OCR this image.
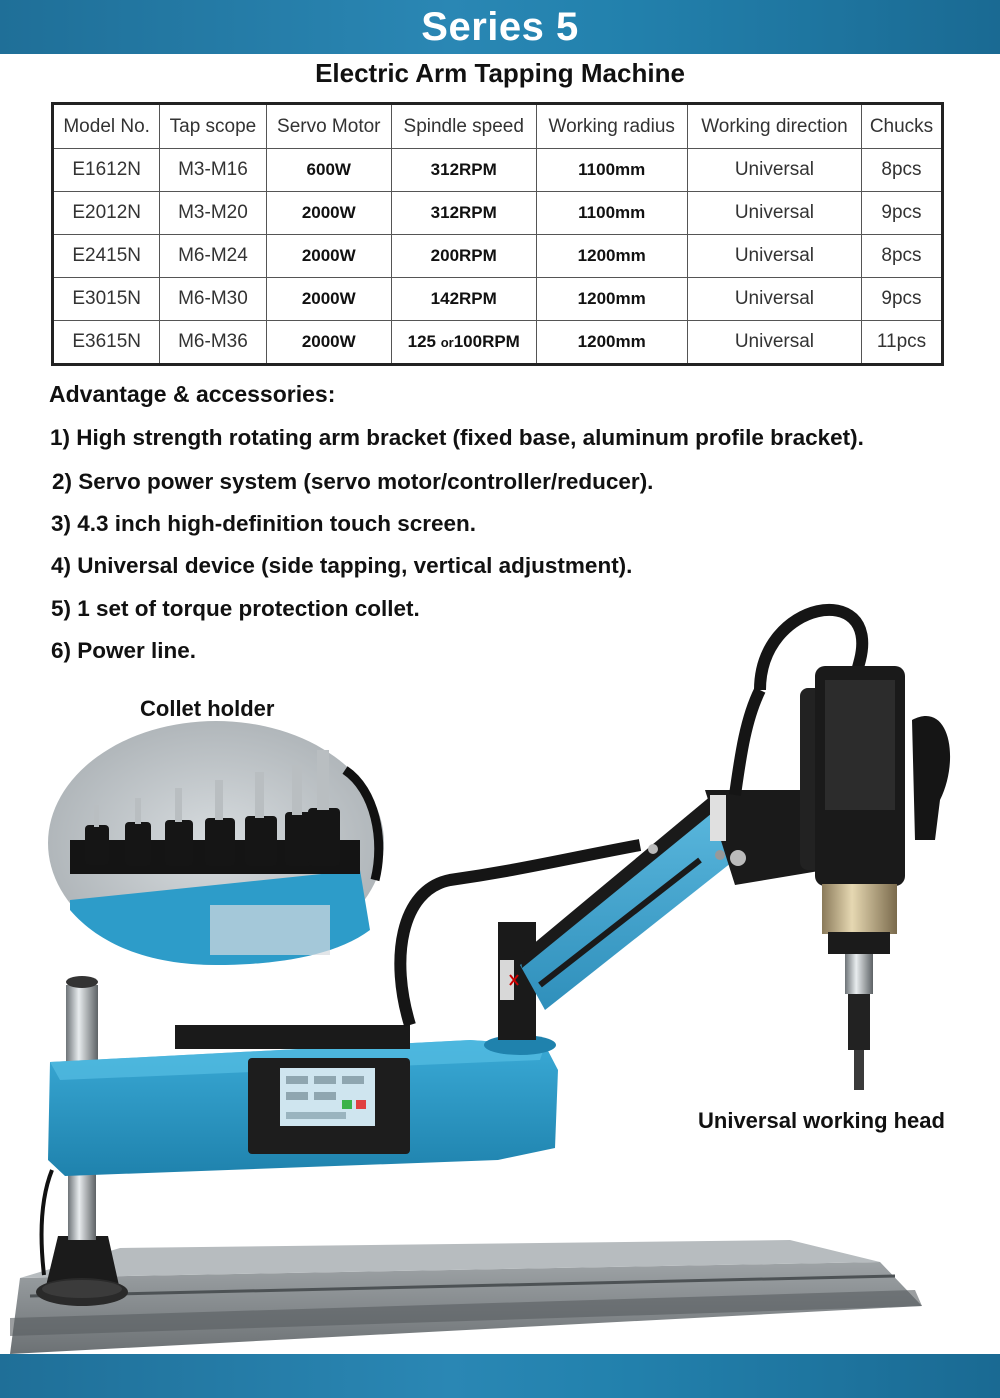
Series 5
Electric Arm Tapping Machine
Model No.	Tap scope	Servo Motor	Spindle speed	Working radius	Working direction	Chucks
E1612N	M3-M16	600W	312RPM	1100mm	Universal	8pcs
E2012N	M3-M20	2000W	312RPM	1100mm	Universal	9pcs
E2415N	M6-M24	2000W	200RPM	1200mm	Universal	8pcs
E3015N	M6-M30	2000W	142RPM	1200mm	Universal	9pcs
E3615N	M6-M36	2000W	125 or100RPM	1200mm	Universal	11pcs
Advantage & accessories:
1) High strength rotating arm bracket (fixed base, aluminum profile bracket).
2) Servo power system (servo motor/controller/reducer).
3) 4.3 inch high-definition touch screen.
4) Universal device (side tapping, vertical adjustment).
5) 1 set of torque protection collet.
6) Power line.
Collet holder
Universal working head
